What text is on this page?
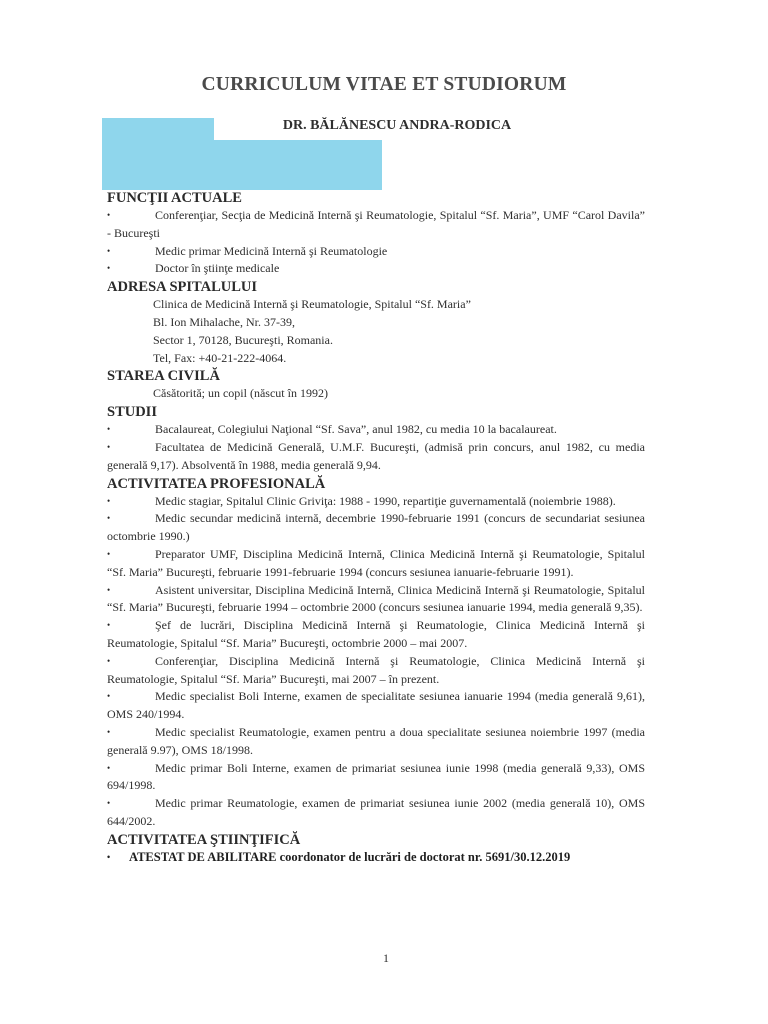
CURRICULUM VITAE ET STUDIORUM
DR. BĂLĂNESCU ANDRA-RODICA
FUNCŢII ACTUALE

•	Conferenţiar, Secţia de Medicină Internă şi Reumatologie, Spitalul “Sf. Maria”, UMF “Carol Davila” - Bucureşti

•	Medic primar Medicină Internă şi Reumatologie

•	Doctor în ştiinţe medicale

ADRESA SPITALULUI

Clinica de Medicină Internă şi Reumatologie, Spitalul “Sf. Maria”

Bl. Ion Mihalache, Nr. 37-39,

Sector 1, 70128, Bucureşti, Romania.

Tel, Fax: +40-21-222-4064.

STAREA CIVILĂ

Căsătorită; un copil (născut în 1992)

STUDII

•	Bacalaureat, Colegiului Naţional “Sf. Sava”, anul 1982, cu media 10 la bacalaureat.

•	Facultatea de Medicină Generală, U.M.F. Bucureşti, (admisă prin concurs, anul 1982, cu media generală 9,17). Absolventă în 1988, media generală 9,94.

ACTIVITATEA PROFESIONALĂ

•	Medic stagiar, Spitalul Clinic Griviţa: 1988 - 1990, repartiţie guvernamentală (noiembrie 1988).

•	Medic secundar medicină internă, decembrie 1990-februarie 1991 (concurs de secundariat sesiunea octombrie 1990.)

•	Preparator UMF, Disciplina Medicină Internă, Clinica Medicină Internă şi Reumatologie, Spitalul “Sf. Maria” Bucureşti, februarie 1991-februarie 1994 (concurs sesiunea ianuarie-februarie 1991).

•	Asistent universitar, Disciplina Medicină Internă, Clinica Medicină Internă şi Reumatologie, Spitalul “Sf. Maria” Bucureşti, februarie 1994 – octombrie 2000 (concurs sesiunea ianuarie 1994, media generală 9,35).

•	Şef de lucrări, Disciplina Medicină Internă şi Reumatologie, Clinica Medicină Internă şi Reumatologie, Spitalul “Sf. Maria” Bucureşti, octombrie 2000 – mai 2007.

•	Conferenţiar, Disciplina Medicină Internă şi Reumatologie, Clinica Medicină Internă şi Reumatologie, Spitalul “Sf. Maria” Bucureşti, mai 2007 – în prezent.

•	Medic specialist Boli Interne, examen de specialitate sesiunea ianuarie 1994 (media generală 9,61), OMS 240/1994.

•	Medic specialist Reumatologie, examen pentru a doua specialitate sesiunea noiembrie 1997 (media generală 9.97), OMS 18/1998.

•	Medic primar Boli Interne, examen de primariat sesiunea iunie 1998 (media generală 9,33), OMS 694/1998.

•	Medic primar Reumatologie, examen de primariat sesiunea iunie 2002 (media generală 10), OMS 644/2002.

ACTIVITATEA ŞTIINŢIFICĂ

• ATESTAT DE ABILITARE coordonator de lucrări de doctorat nr. 5691/30.12.2019

1
